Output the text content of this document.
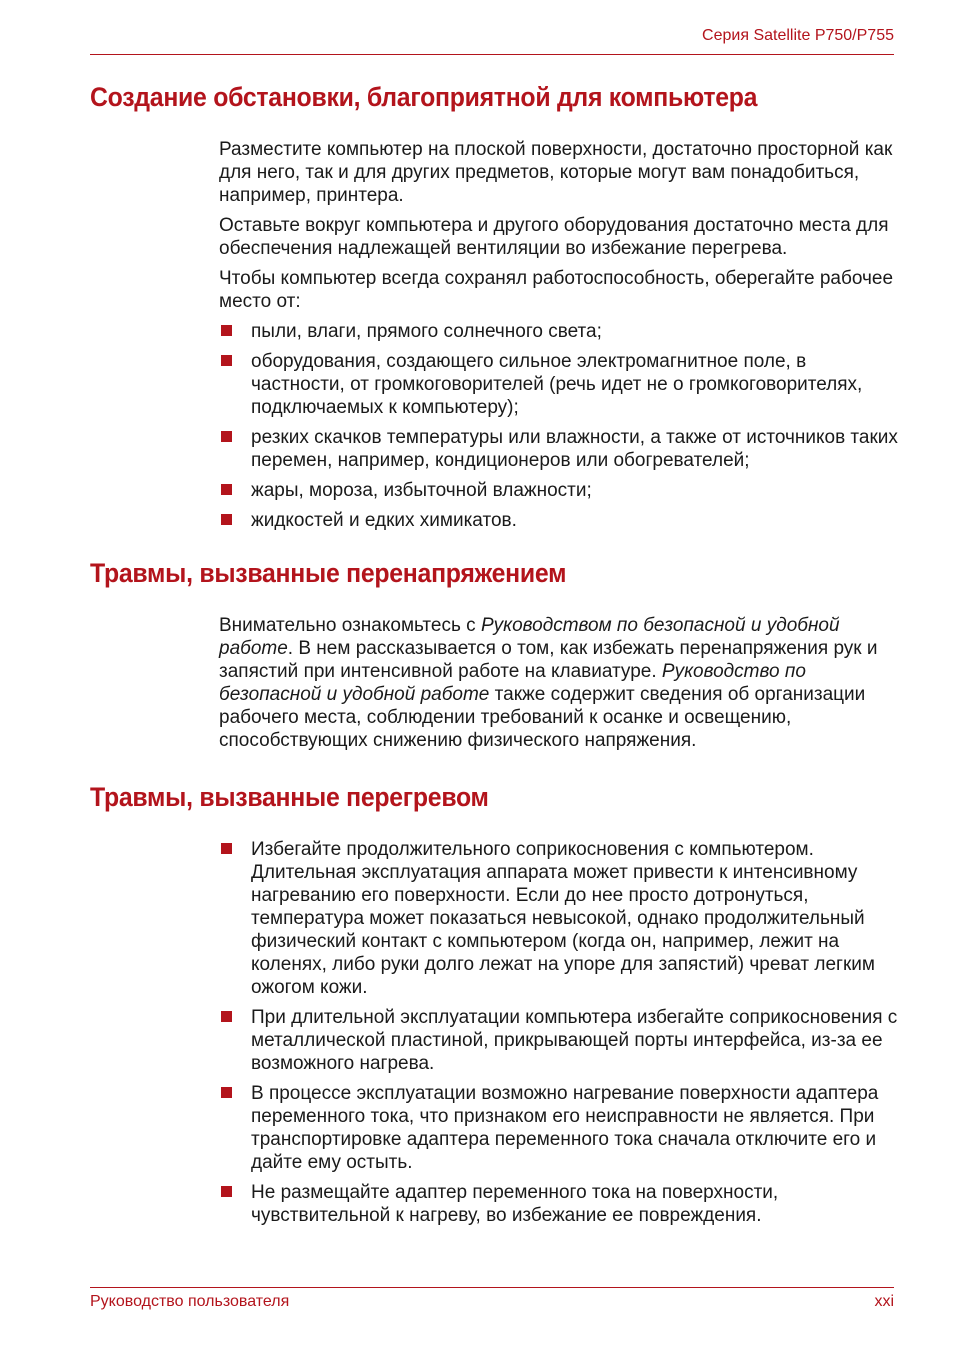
Серия Satellite P750/P755
Создание обстановки, благоприятной для компьютера

Разместите компьютер на плоской поверхности, достаточно просторной как для него, так и для других предметов, которые могут вам понадобиться, например, принтера.

Оставьте вокруг компьютера и другого оборудования достаточно места для обеспечения надлежащей вентиляции во избежание перегрева.

Чтобы компьютер всегда сохранял работоспособность, оберегайте рабочее место от:

пыли, влаги, прямого солнечного света;
оборудования, создающего сильное электромагнитное поле, в частности, от громкоговорителей (речь идет не о громкоговорителях, подключаемых к компьютеру);
резких скачков температуры или влажности, а также от источников таких перемен, например, кондиционеров или обогревателей;
жары, мороза, избыточной влажности;
жидкостей и едких химикатов.
Травмы, вызванные перенапряжением

Внимательно ознакомьтесь с Руководством по безопасной и удобной работе. В нем рассказывается о том, как избежать перенапряжения рук и запястий при интенсивной работе на клавиатуре. Руководство по безопасной и удобной работе также содержит сведения об организации рабочего места, соблюдении требований к осанке и освещению, способствующих снижению физического напряжения.

Травмы, вызванные перегревом
Избегайте продолжительного соприкосновения с компьютером. Длительная эксплуатация аппарата может привести к интенсивному нагреванию его поверхности. Если до нее просто дотронуться, температура может показаться невысокой, однако продолжительный физический контакт с компьютером (когда он, например, лежит на коленях, либо руки долго лежат на упоре для запястий) чреват легким ожогом кожи.
При длительной эксплуатации компьютера избегайте соприкосновения с металлической пластиной, прикрывающей порты интерфейса, из-за ее возможного нагрева.
В процессе эксплуатации возможно нагревание поверхности адаптера переменного тока, что признаком его неисправности не является. При транспортировке адаптера переменного тока сначала отключите его и дайте ему остыть.
Не размещайте адаптер переменного тока на поверхности, чувствительной к нагреву, во избежание ее повреждения.
Руководство пользователя	xxi
